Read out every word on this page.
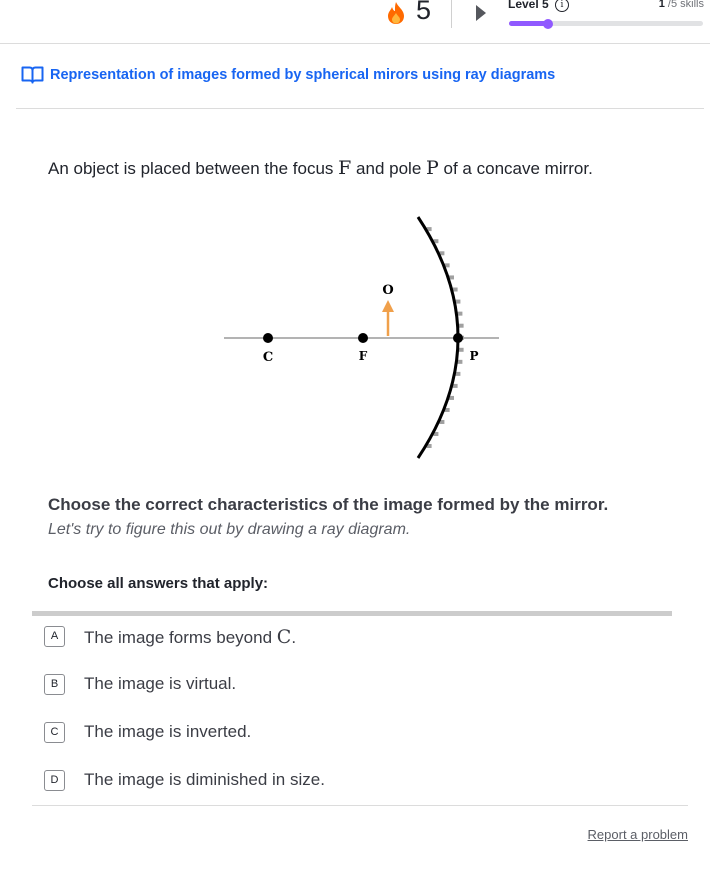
5	Level 5	i	1 /5 skills
Representation of images formed by spherical mirors using ray diagrams
An object is placed between the focus F and pole P of a concave mirror.
C	F
O
P
Choose the correct characteristics of the image formed by the mirror.
Let's try to figure this out by drawing a ray diagram.
Choose all answers that apply:
A	The image forms beyond C.
B	The image is virtual.
C	The image is inverted.
D	The image is diminished in size.
Report a problem
